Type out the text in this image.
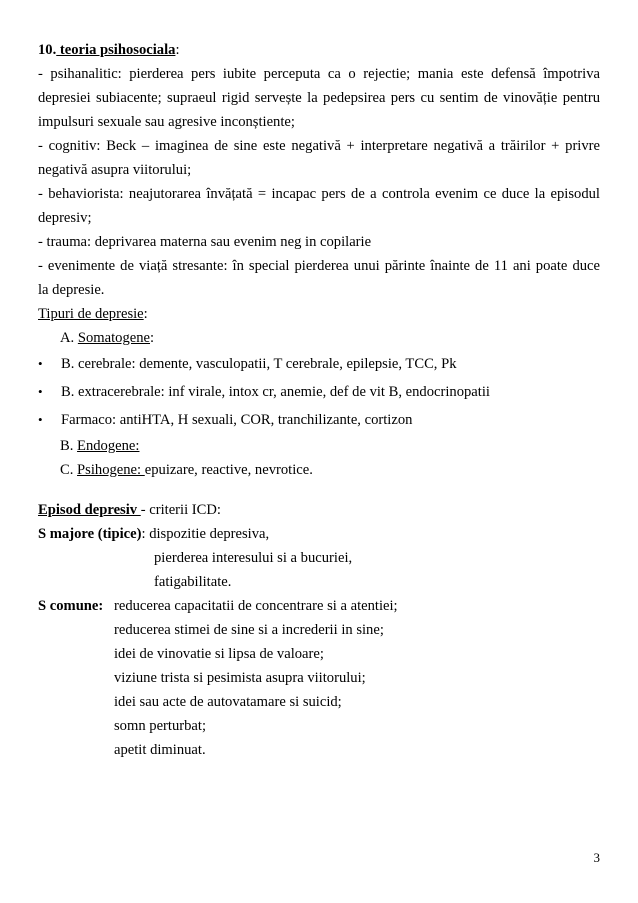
10. teoria psihosociala:
- psihanalitic: pierderea pers iubite perceputa ca o rejectie; mania este defensă împotriva
depresiei subiacente; supraeul rigid servește la pedepsirea pers cu sentim de vinovăție pentru
impulsuri sexuale sau agresive inconștiente;
- cognitiv: Beck – imaginea de sine este negativă + interpretare negativă a trăirilor + privre
negativă asupra viitorului;
- behaviorista: neajutorarea învățată = incapac pers de a controla evenim ce duce la episodul
depresiv;
- trauma: deprivarea materna sau evenim neg in copilarie
- evenimente de viață stresante: în special pierderea unui părinte înainte de 11 ani poate duce
la depresie.
Tipuri de depresie:
A. Somatogene:
• B. cerebrale: demente, vasculopatii, T cerebrale, epilepsie, TCC, Pk
• B. extracerebrale: inf virale, intox cr, anemie, def de vit B, endocrinopatii
• Farmaco: antiHTA, H sexuali, COR, tranchilizante, cortizon
B. Endogene:
C. Psihogene: epuizare, reactive, nevrotice.
Episod depresiv - criterii ICD:
S majore (tipice): dispozitie depresiva,
pierderea interesului si a bucuriei,
fatigabilitate.
S comune: reducerea capacitatii de concentrare si a atentiei;
reducerea stimei de sine si a increderii in sine;
idei de vinovatie si lipsa de valoare;
viziune trista si pesimista asupra viitorului;
idei sau acte de autovatamare si suicid;
somn perturbat;
apetit diminuat.
3
